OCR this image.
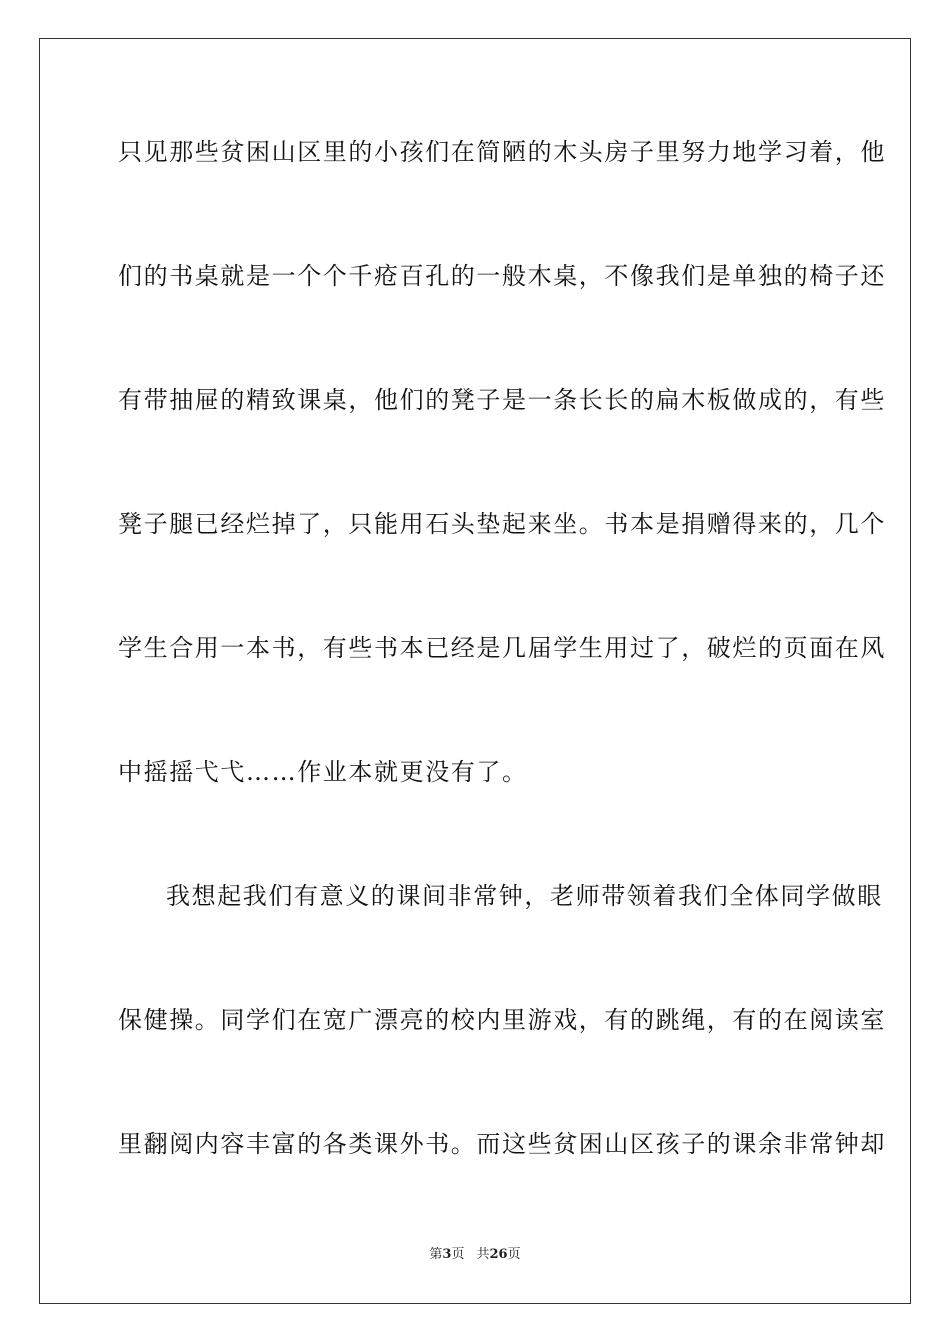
只见那些贫困山区里的小孩们在简陋的木头房子里努力地学习着，他

们的书桌就是一个个千疮百孔的一般木桌，不像我们是单独的椅子还

有带抽屉的精致课桌，他们的凳子是一条长长的扁木板做成的，有些

凳子腿已经烂掉了，只能用石头垫起来坐。书本是捐赠得来的，几个

学生合用一本书，有些书本已经是几届学生用过了，破烂的页面在风

中摇摇弋弋……作业本就更没有了。

我想起我们有意义的课间非常钟，老师带领着我们全体同学做眼

保健操。同学们在宽广漂亮的校内里游戏，有的跳绳，有的在阅读室

里翻阅内容丰富的各类课外书。而这些贫困山区孩子的课余非常钟却

第3页 共26页
